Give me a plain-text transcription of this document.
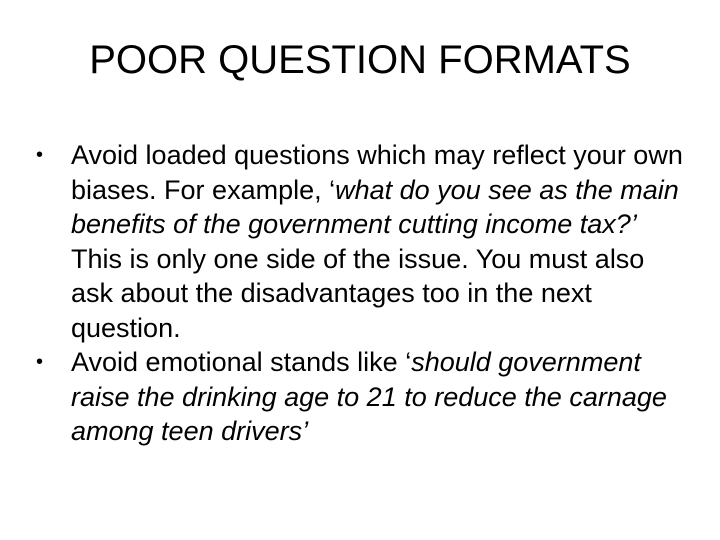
POOR QUESTION FORMATS
•	Avoid loaded questions which may reflect your own biases. For example, ‘what do you see as the main benefits of the government cutting income tax?’ This is only one side of the issue. You must also ask about the disadvantages too in the next question.
•	Avoid emotional stands like ‘should government raise the drinking age to 21 to reduce the carnage among teen drivers’
